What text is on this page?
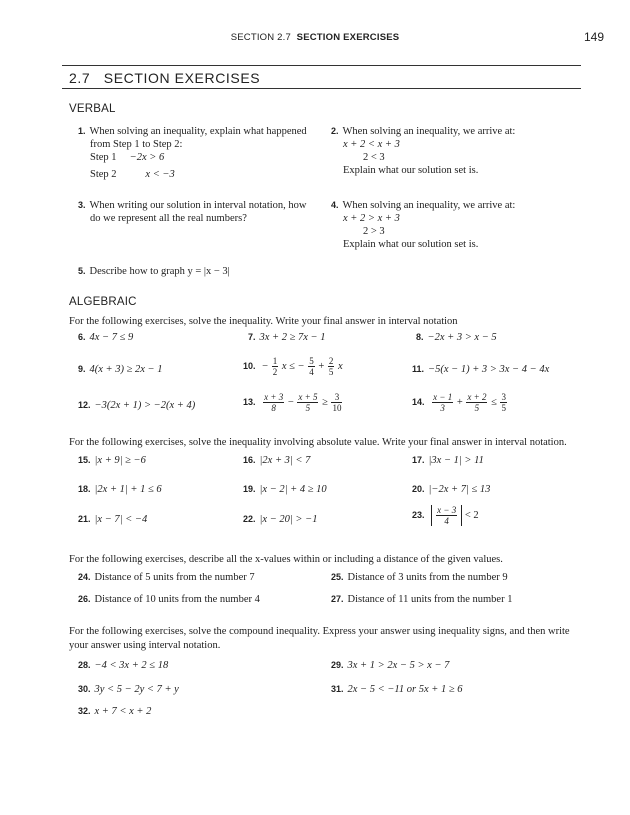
SECTION 2.7 SECTION EXERCISES	149
2.7 SECTION EXERCISES
VERBAL
1. When solving an inequality, explain what happened
from Step 1 to Step 2:
Step 1 −2x > 6
Step 2	x < −3
2. When solving an inequality, we arrive at:
x + 2 < x + 3
2 < 3
Explain what our solution set is.
3. When writing our solution in interval notation, how
do we represent all the real numbers?
4. When solving an inequality, we arrive at:
x + 2 > x + 3
2 > 3
Explain what our solution set is.
5. Describe how to graph y = |x − 3|
ALGEBRAIC
For the following exercises, solve the inequality. Write your final answer in interval notation
6. 4x − 7 ≤ 9	7. 3x + 2 ≥ 7x − 1	8. −2x + 3 > x − 5
9. 4(x + 3) ≥ 2x − 1	10. − $\frac{1}{2}$ x ≤ − $\frac{5}{4} + \frac{2}{5}$ x	11. −5(x − 1) + 3 > 3x − 4 − 4x
12. −3(2x + 1) > −2(x + 4)	13. $\frac{x + 3}{8} - \frac{x + 5}{5} \ge \frac{3}{10}$	14. $\frac{x - 1}{3} + \frac{x + 2}{5} \le \frac{3}{5}$
For the following exercises, solve the inequality involving absolute value. Write your final answer in interval notation.
15. |x + 9| ≥ −6	16. |2x + 3| < 7	17. |3x − 1| > 11
18. |2x + 1| + 1 ≤ 6	19. |x − 2| + 4 ≥ 10	20. |−2x + 7| ≤ 13
21. |x − 7| < −4	22. |x − 20| > −1	23. $\frac{x - 3}{4} < 2$
For the following exercises, describe all the x-values within or including a distance of the given values.
24. Distance of 5 units from the number 7	25. Distance of 3 units from the number 9
26. Distance of 10 units from the number 4	27. Distance of 11 units from the number 1
For the following exercises, solve the compound inequality. Express your answer using inequality signs, and then write
your answer using interval notation.
28. −4 < 3x + 2 ≤ 18	29. 3x + 1 > 2x − 5 > x − 7
30. 3y < 5 − 2y < 7 + y	31. 2x − 5 < −11 or 5x + 1 ≥ 6
32. x + 7 < x + 2
